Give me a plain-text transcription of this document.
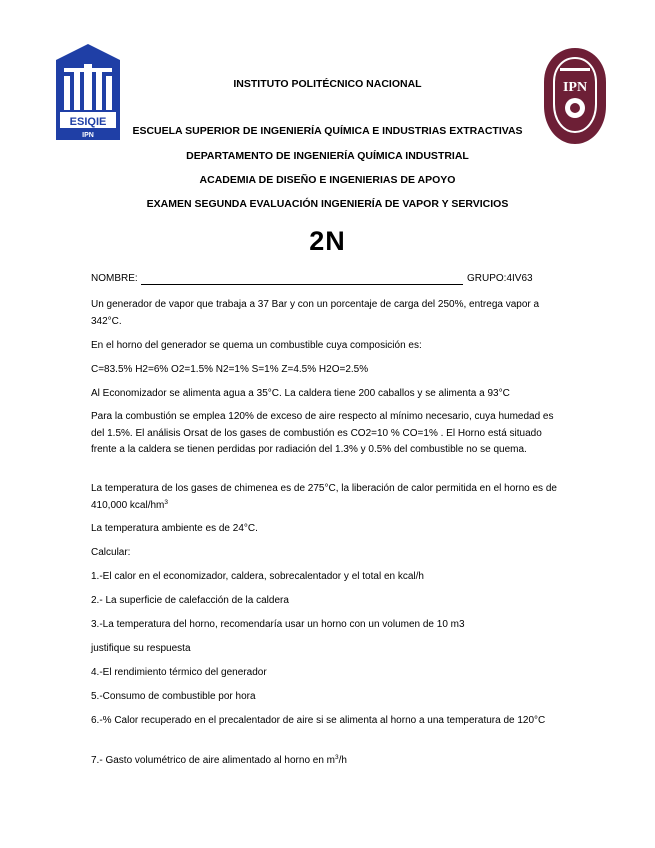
ESIQIE
IPN
IPN
INSTITUTO POLITÉCNICO NACIONAL
ESCUELA SUPERIOR DE INGENIERÍA QUÍMICA E INDUSTRIAS EXTRACTIVAS
DEPARTAMENTO DE INGENIERÍA QUÍMICA INDUSTRIAL
ACADEMIA DE DISEÑO E INGENIERIAS DE APOYO
EXAMEN SEGUNDA EVALUACIÓN INGENIERÍA DE VAPOR Y SERVICIOS
2N
NOMBRE:	GRUPO:4IV63
Un generador de vapor que trabaja a 37 Bar y con un porcentaje de carga del 250%, entrega vapor a 342°C.
En el horno del generador se quema un combustible cuya composición es:
C=83.5% H2=6% O2=1.5% N2=1% S=1% Z=4.5% H2O=2.5%
Al Economizador se alimenta agua a 35°C. La caldera tiene 200 caballos y se alimenta a 93°C
Para la combustión se emplea 120% de exceso de aire respecto al mínimo necesario, cuya humedad es del 1.5%. El análisis Orsat de los gases de combustión es CO2=10 % CO=1% . El Horno está situado frente a la caldera se tienen perdidas por radiación del 1.3% y 0.5% del combustible no se quema.
La temperatura de los gases de chimenea es de 275°C, la liberación de calor permitida en el horno es de 410,000 kcal/$hm^3$
La temperatura ambiente es de 24°C.
Calcular:
1.-El calor en el economizador, caldera, sobrecalentador y el total en kcal/h
2.- La superficie de calefacción de la caldera
3.-La temperatura del horno, recomendaría usar un horno con un volumen de 10 m3
justifique su respuesta
4.-El rendimiento térmico del generador
5.-Consumo de combustible por hora
6.-% Calor recuperado en el precalentador de aire si se alimenta al horno a una temperatura de 120°C
7.- Gasto volumétrico de aire alimentado al horno en $m^3/h$
